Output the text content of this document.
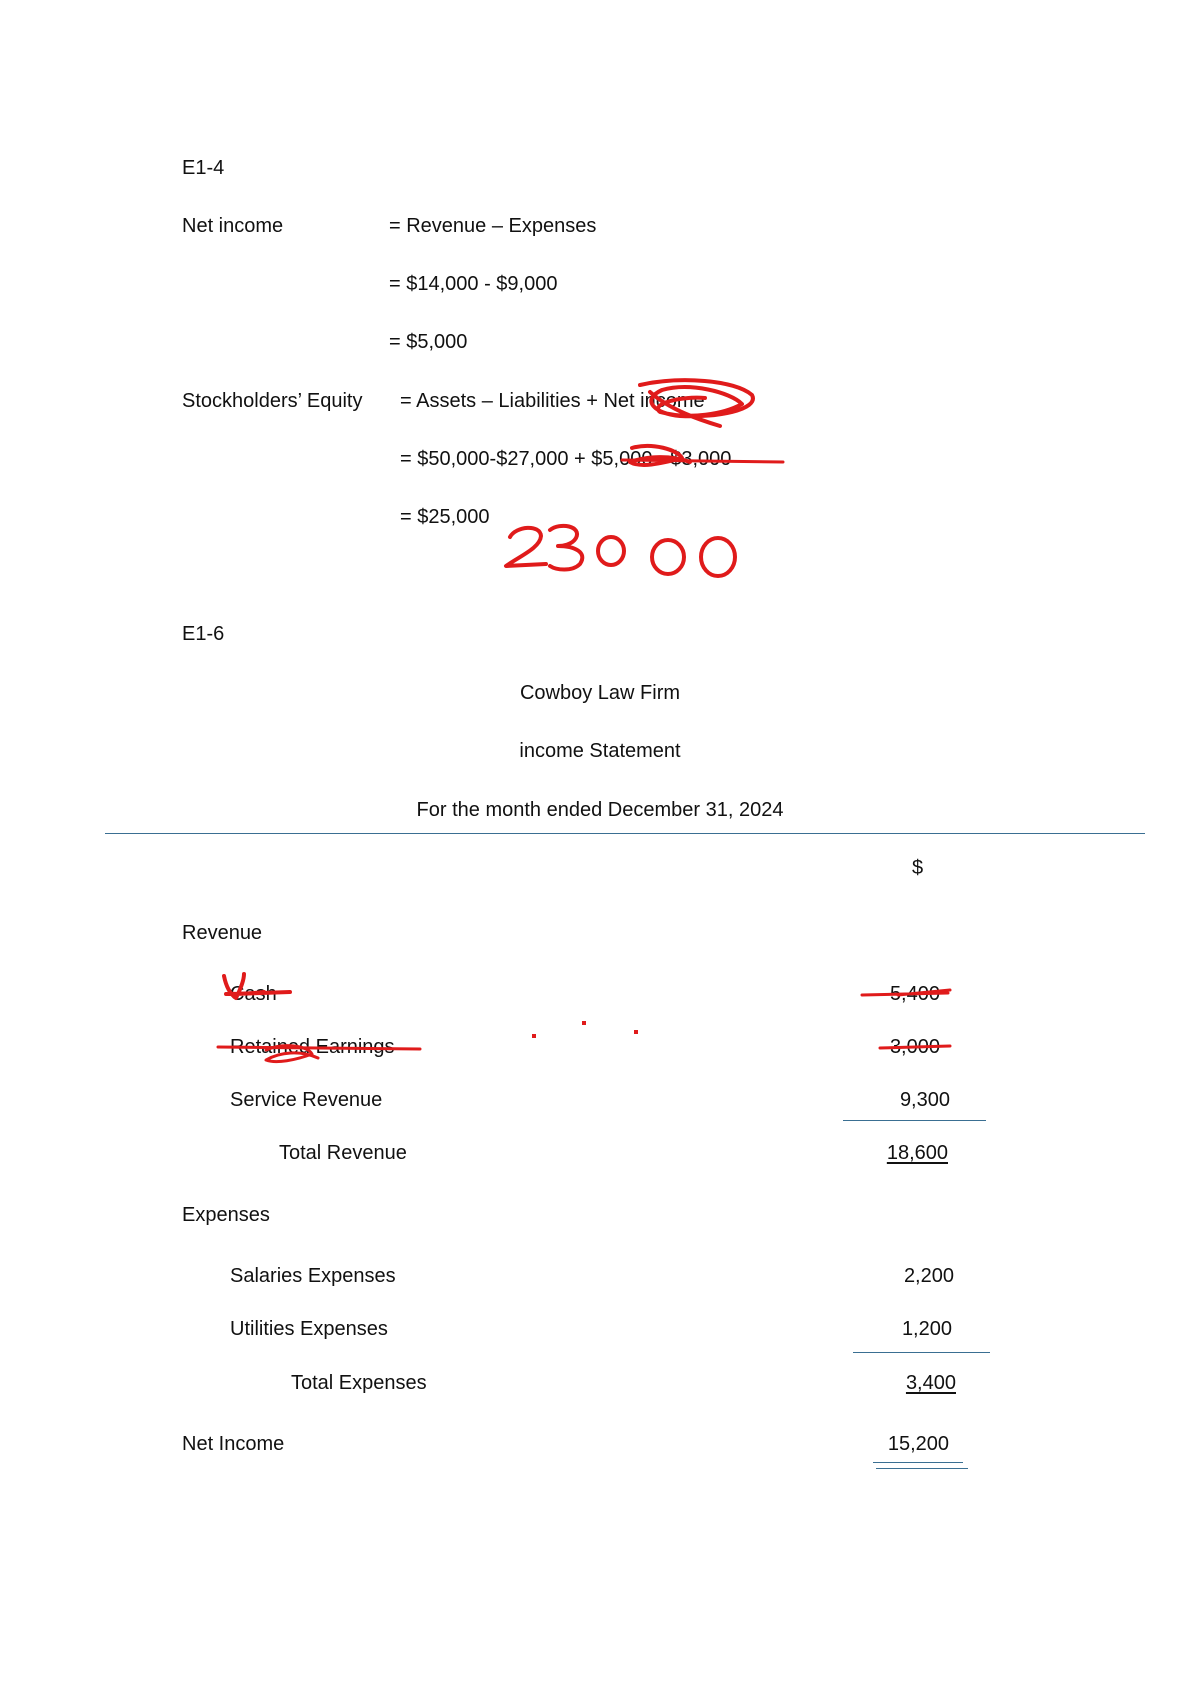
E1-4
Net income	= Revenue – Expenses
= $14,000 - $9,000
= $5,000
Stockholders’ Equity = Assets – Liabilities + Net income
= $50,000-$27,000 + $5,000 - $3,000
= $25,000
E1-6
Cowboy Law Firm
income Statement
For the month ended December 31, 2024
$
Revenue
Cash	5,400
Retained Earnings	3,000
Service Revenue	9,300
Total Revenue	18,600
Expenses
Salaries Expenses	2,200
Utilities Expenses	1,200
Total Expenses	3,400
Net Income	15,200
